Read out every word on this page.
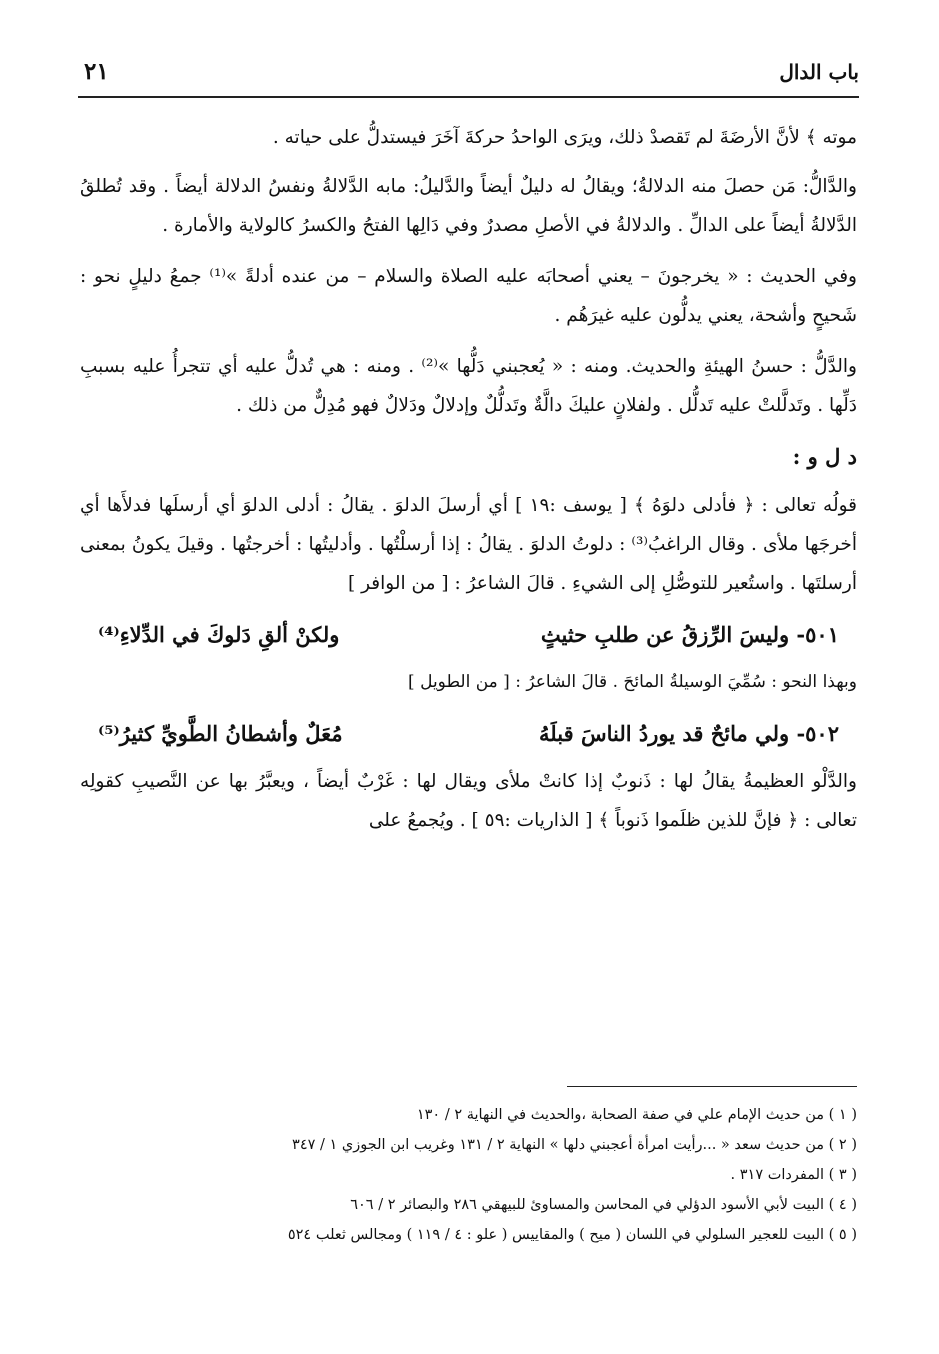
باب الدال
٢١

موته ﴾ لأنَّ الأرضَةَ لم تَقصدْ ذلك، ويرَى الواحدُ حركةَ آخَرَ فيستدلُّ على حياته .

والدَّالُّ: مَن حصلَ منه الدلالةُ؛ ويقالُ له دليلٌ أيضاً والدَّليلُ: مابه الدَّلالةُ ونفسُ الدلالة أيضاً . وقد تُطلقُ الدَّلالةُ أيضاً على الدالِّ . والدلالةُ في الأصلِ مصدرٌ وفي دَالِها الفتحُ والكسرُ كالولاية والأمارة .

وفي الحديث : « يخرجونَ – يعني أصحابَه عليه الصلاة والسلام – من عنده أدلةً »⁽¹⁾ جمعُ دليلٍ نحو : شَحيحٍ وأشحة، يعني يدلُّون عليه غيرَهُم .

والدَّلُّ : حسنُ الهيئةِ والحديث. ومنه : « يُعجبني دَلُّها »⁽²⁾ . ومنه : هي تُدلُّ عليه أي تتجرأُ عليه بسببِ دَلِّها . وتَدلَّلتْ عليه تَدلُّل . ولفلانٍ عليكَ دالَّةٌ وتَدلُّلٌ وإدلالٌ ودَلالٌ فهو مُدِلٌّ من ذلك .

د ل و :

قولُه تعالى : ﴿ فأدلى دلوَهُ ﴾ [ يوسف :١٩ ] أي أرسلَ الدلوَ . يقالُ : أدلى الدلوَ أي أرسلَها فدلأَها أي أخرجَها ملأى . وقال الراغبُ⁽³⁾ : دلوتُ الدلوَ . يقالُ : إذا أرسلْتُها . وأدليتُها : أخرجتُها . وقيلَ يكونُ بمعنى أرسلتَها . واستُعير للتوصُّلِ إلى الشيءِ . قالَ الشاعرُ : [ من الوافر ]

٥٠١- وليسَ الرِّزقُ عن طلبِ حثيثٍ
ولكنْ ألقِ دَلوكَ في الدِّلاءِ⁽⁴⁾

وبهذا النحو : سُمِّيَ الوسيلةُ المائحَ . قالَ الشاعرُ : [ من الطويل ]

٥٠٢- ولي مائحٌ قد يوردُ الناسَ قبلَهُ
مُعَلٌ وأشطانُ الطَّويِّ كثيرُ⁽⁵⁾

والدَّلْو العظيمةُ يقالُ لها : ذَنوبٌ إذا كانتْ ملأى ويقال لها : غَرْبٌ أيضاً ، ويعبَّرُ بها عن النَّصيبِ كقولِه تعالى : ﴿ فإنَّ للذين ظلَموا ذَنوباً ﴾ [ الذاريات :٥٩ ] . ويُجمعُ على

( ١ ) من حديث الإمام علي في صفة الصحابة ،والحديث في النهاية ٢ / ١٣٠
( ٢ ) من حديث سعد « ...رأيت امرأة أعجبني دلها » النهاية ٢ / ١٣١ وغريب ابن الجوزي ١ / ٣٤٧
( ٣ ) المفردات ٣١٧ .
( ٤ ) البيت لأبي الأسود الدؤلي في المحاسن والمساوئ للبيهقي ٢٨٦ والبصائر ٢ / ٦٠٦
( ٥ ) البيت للعجير السلولي في اللسان ( ميح ) والمقاييس ( علو : ٤ / ١١٩ ) ومجالس ثعلب ٥٢٤
